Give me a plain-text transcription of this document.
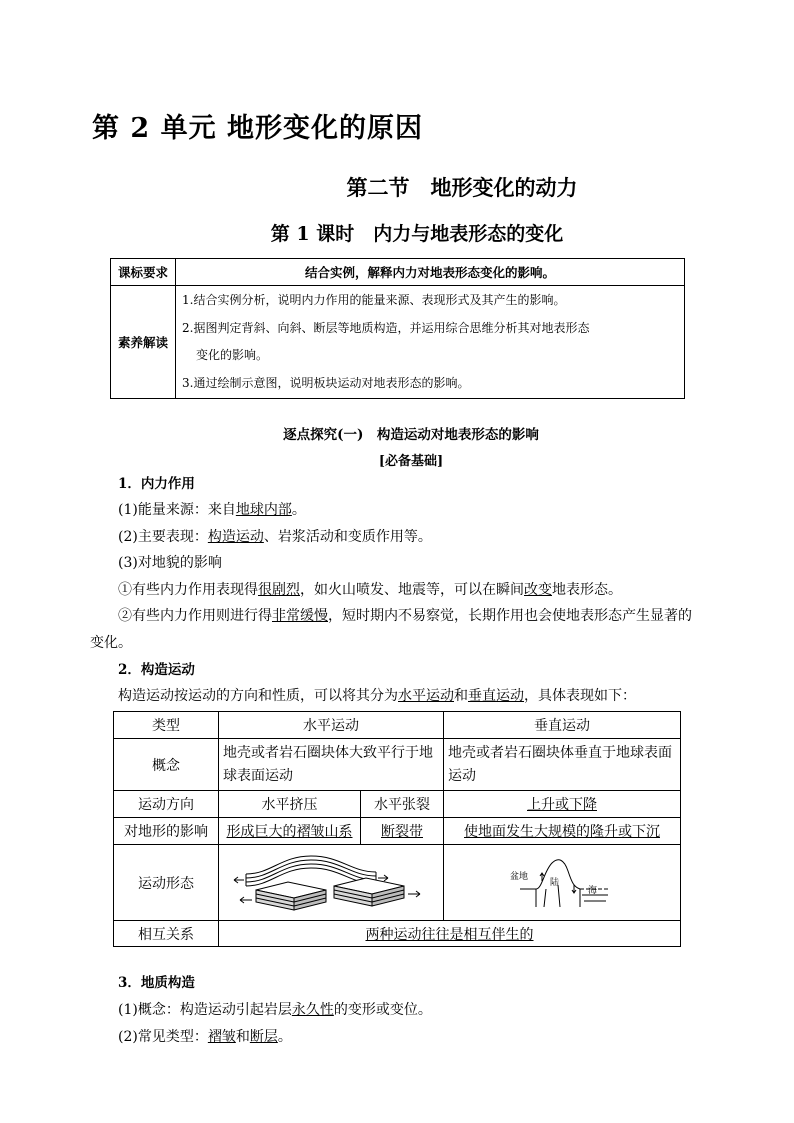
第 2 单元 地形变化的原因
第二节　地形变化的动力
第 1 课时　内力与地表形态的变化
课标要求	结合实例，解释内力对地表形态变化的影响。
素养解读	1.结合实例分析，说明内力作用的能量来源、表现形式及其产生的影响。
2.据图判定背斜、向斜、断层等地质构造，并运用综合思维分析其对地表形态
变化的影响。
3.通过绘制示意图，说明板块运动对地表形态的影响。
逐点探究(一)　构造运动对地表形态的影响
[必备基础]
1．内力作用
(1)能量来源：来自地球内部。
(2)主要表现：构造运动、岩浆活动和变质作用等。
(3)对地貌的影响
①有些内力作用表现得很剧烈，如火山喷发、地震等，可以在瞬间改变地表形态。
②有些内力作用则进行得非常缓慢，短时期内不易察觉，长期作用也会使地表形态产生显著的
变化。
2．构造运动
构造运动按运动的方向和性质，可以将其分为水平运动和垂直运动，具体表现如下：
类型	水平运动		垂直运动
概念	地壳或者岩石圈块体大致平行于地球表面运动		地壳或者岩石圈块体垂直于地球表面运动
运动方向	水平挤压	水平张裂	上升或下降
对地形的影响	形成巨大的褶皱山系	断裂带	使地面发生大规模的隆升或下沉
运动形态			盆地
陆
海

相互关系	两种运动往往是相互伴生的		
3．地质构造
(1)概念：构造运动引起岩层永久性的变形或变位。
(2)常见类型：褶皱和断层。
